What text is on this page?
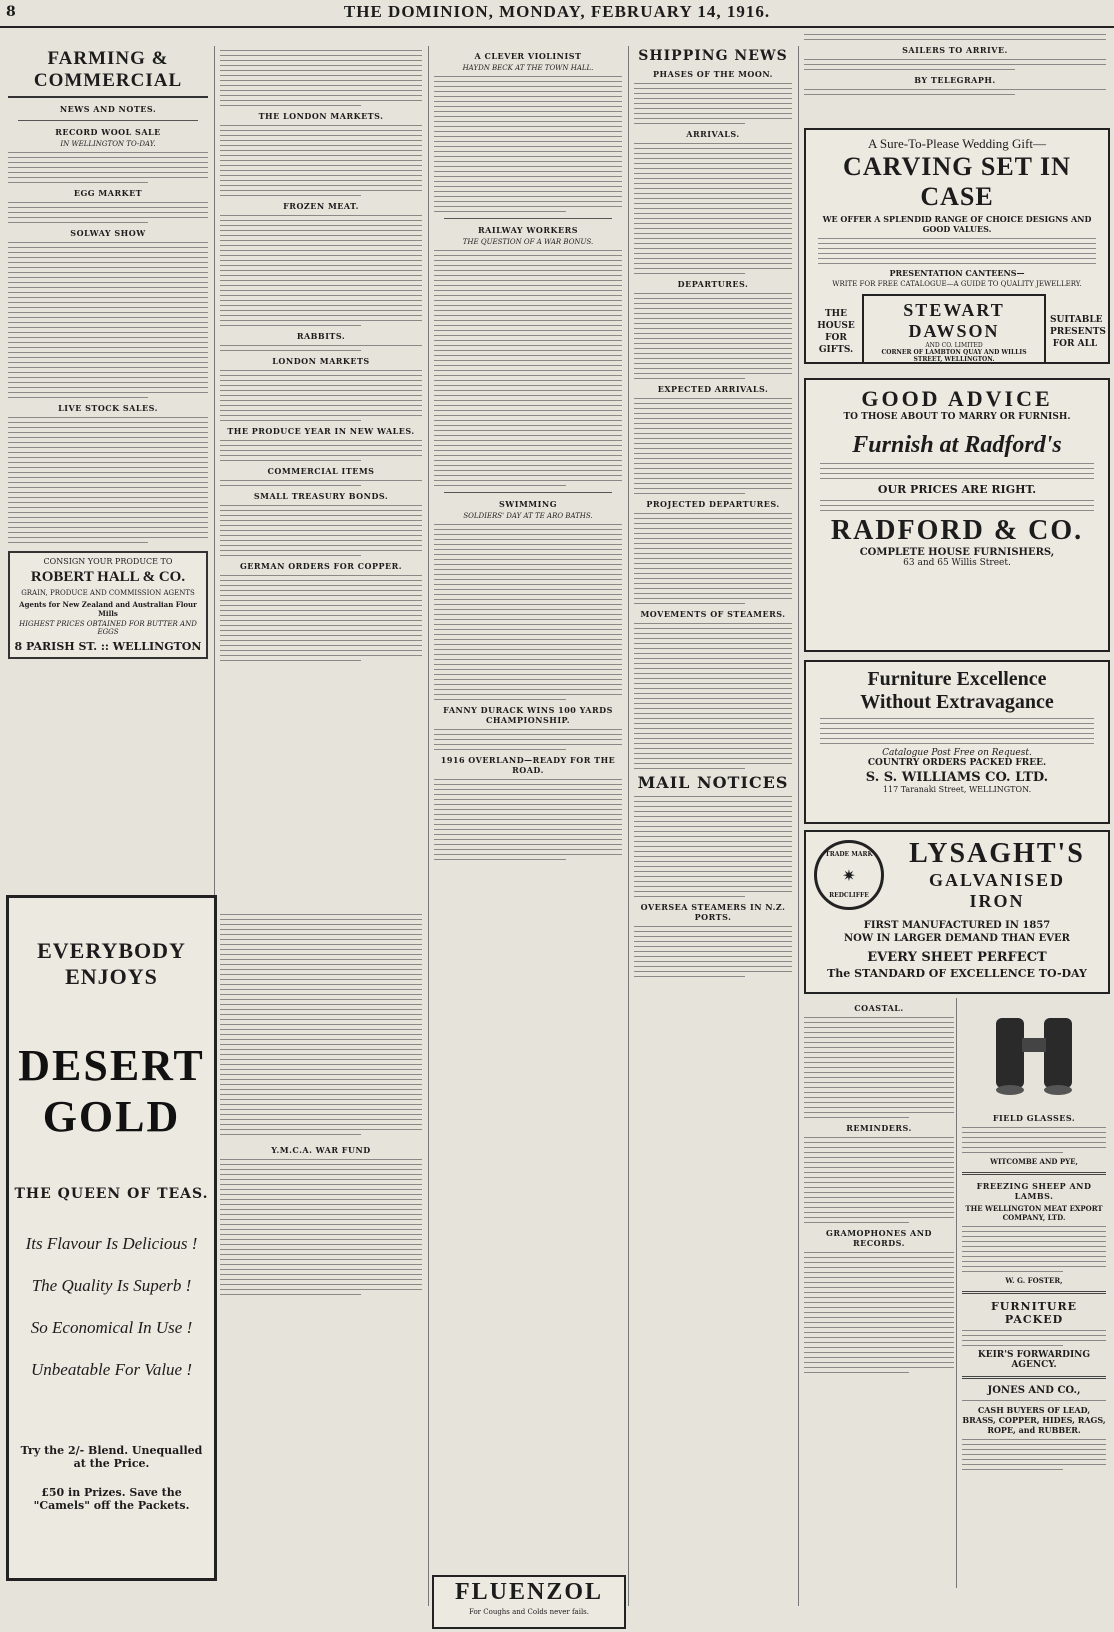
8	THE DOMINION, MONDAY, FEBRUARY 14, 1916.
FARMING & COMMERCIAL
NEWS AND NOTES.
RECORD WOOL SALE
IN WELLINGTON TO-DAY.
EGG MARKET
SOLWAY SHOW
LIVE STOCK SALES.
CONSIGN YOUR PRODUCE TO
ROBERT HALL & CO.
GRAIN, PRODUCE AND COMMISSION AGENTS
Agents for New Zealand and Australian Flour Mills
HIGHEST PRICES OBTAINED FOR BUTTER AND EGGS
8 PARISH ST. :: WELLINGTON
THE LONDON MARKETS.
FROZEN MEAT.
RABBITS.
LONDON MARKETS
THE PRODUCE YEAR IN NEW WALES.
COMMERCIAL ITEMS
SMALL TREASURY BONDS.
GERMAN ORDERS FOR COPPER.
Y.M.C.A. WAR FUND
EVERYBODY ENJOYS
DESERT GOLD
THE QUEEN OF TEAS.
Its Flavour Is Delicious !
The Quality Is Superb !
So Economical In Use !
Unbeatable For Value !
Try the 2/- Blend. Unequalled at the Price.
£50 in Prizes. Save the "Camels" off the Packets.
A CLEVER VIOLINIST
HAYDN BECK AT THE TOWN HALL.
RAILWAY WORKERS
THE QUESTION OF A WAR BONUS.
SWIMMING
SOLDIERS' DAY AT TE ARO BATHS.
FANNY DURACK WINS 100 YARDS CHAMPIONSHIP.
1916 OVERLAND—READY FOR THE ROAD.
FLUENZOL
For Coughs and Colds never fails.
SHIPPING NEWS
PHASES OF THE MOON.
ARRIVALS.
DEPARTURES.
EXPECTED ARRIVALS.
PROJECTED DEPARTURES.
MOVEMENTS OF STEAMERS.
MAIL NOTICES
OVERSEA STEAMERS IN N.Z. PORTS.
SAILERS TO ARRIVE.
BY TELEGRAPH.
A Sure-To-Please Wedding Gift—
CARVING SET IN CASE
WE OFFER A SPLENDID RANGE OF CHOICE DESIGNS AND GOOD VALUES.
PRESENTATION CANTEENS—
WRITE FOR FREE CATALOGUE—A GUIDE TO QUALITY JEWELLERY.
THE HOUSE FOR GIFTS.
STEWART
DAWSON
AND CO. LIMITED
CORNER OF LAMBTON QUAY AND WILLIS STREET, WELLINGTON.
SUITABLE PRESENTS FOR ALL
GOOD ADVICE
TO THOSE ABOUT TO MARRY OR FURNISH.
Furnish at Radford's
OUR PRICES ARE RIGHT.
RADFORD & CO.
COMPLETE HOUSE FURNISHERS,
63 and 65 Willis Street.
Furniture Excellence
Without Extravagance
Catalogue Post Free on Request.
COUNTRY ORDERS PACKED FREE.
S. S. WILLIAMS CO. LTD.
117 Taranaki Street, WELLINGTON.
TRADE MARK
✷
REDCLIFFE
LYSAGHT'S
GALVANISED
IRON
FIRST MANUFACTURED IN 1857
NOW IN LARGER DEMAND THAN EVER
EVERY SHEET PERFECT
The STANDARD OF EXCELLENCE TO-DAY
COASTAL.
REMINDERS.
GRAMOPHONES AND RECORDS.
FIELD GLASSES.
WITCOMBE AND PYE,
FREEZING SHEEP AND LAMBS.
THE WELLINGTON MEAT EXPORT COMPANY, LTD.
W. G. FOSTER,
FURNITURE PACKED
KEIR'S FORWARDING AGENCY.
JONES AND CO.,
CASH BUYERS OF LEAD, BRASS, COPPER, HIDES, RAGS, ROPE, and RUBBER.
